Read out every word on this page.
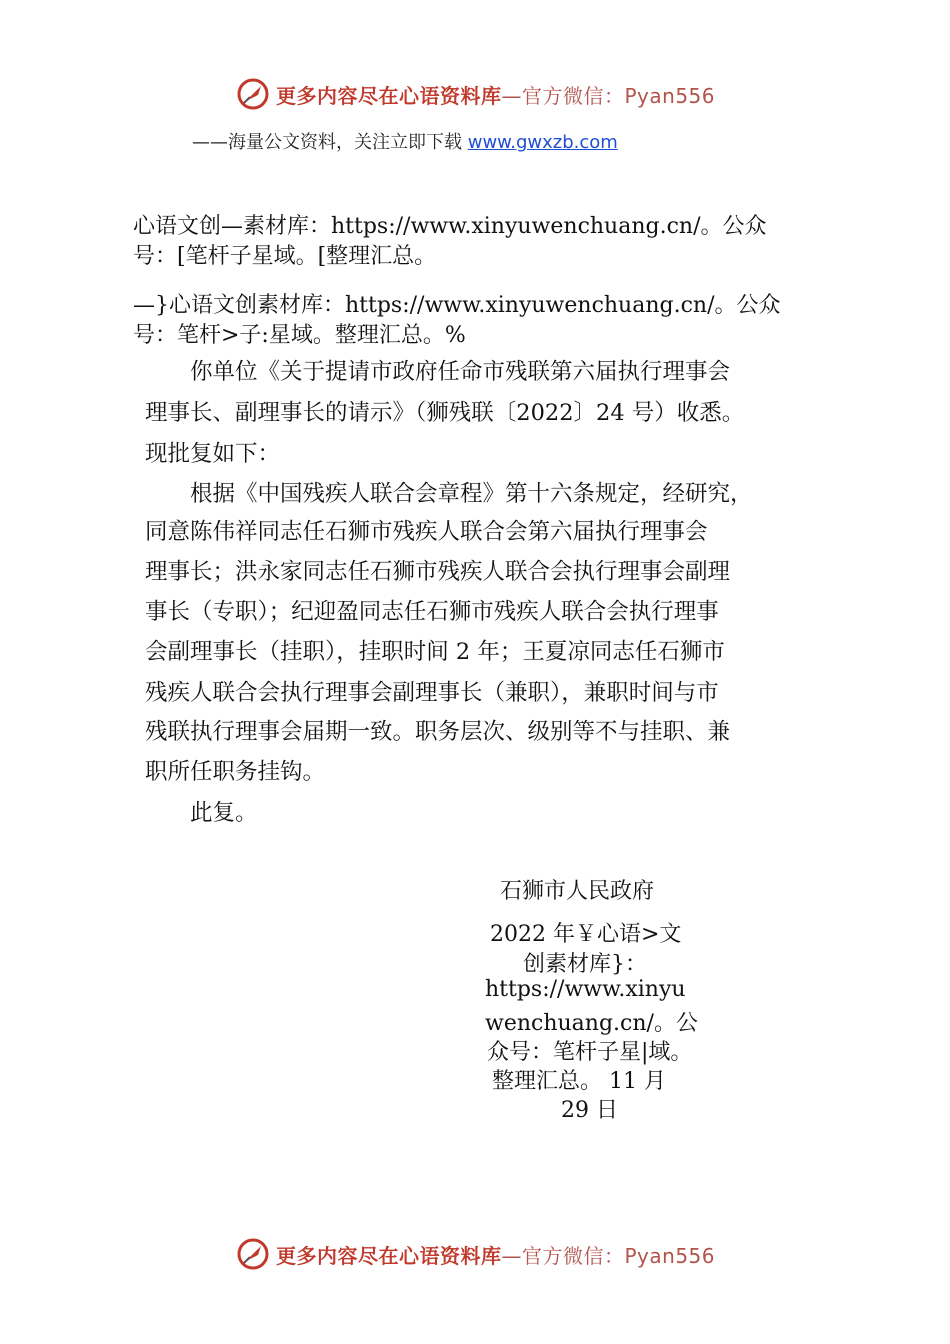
更多内容尽在心语资料库—官方微信：Pyan556
——海量公文资料，关注立即下载 www.gwxzb.com
心语文创—素材库：https://www.xinyuwenchuang.cn/。公众
号：[笔杆子星域。[整理汇总。
—}心语文创素材库：https://www.xinyuwenchuang.cn/。公众
号：笔杆>子:星域。整理汇总。%
　　你单位《关于提请市政府任命市残联第六届执行理事会
理事长、副理事长的请示》（狮残联〔2022〕24 号）收悉。
现批复如下：
　　根据《中国残疾人联合会章程》第十六条规定，经研究，
同意陈伟祥同志任石狮市残疾人联合会第六届执行理事会
理事长；洪永家同志任石狮市残疾人联合会执行理事会副理
事长（专职）；纪迎盈同志任石狮市残疾人联合会执行理事
会副理事长（挂职），挂职时间 2 年；王夏凉同志任石狮市
残疾人联合会执行理事会副理事长（兼职），兼职时间与市
残联执行理事会届期一致。职务层次、级别等不与挂职、兼
职所任职务挂钩。
　　此复。
石狮市人民政府
2022 年￥心语>文
创素材库}：
https://www.xinyu
wenchuang.cn/。公
众号：笔杆子星|域。
整理汇总。 11 月
29 日
更多内容尽在心语资料库—官方微信：Pyan556
